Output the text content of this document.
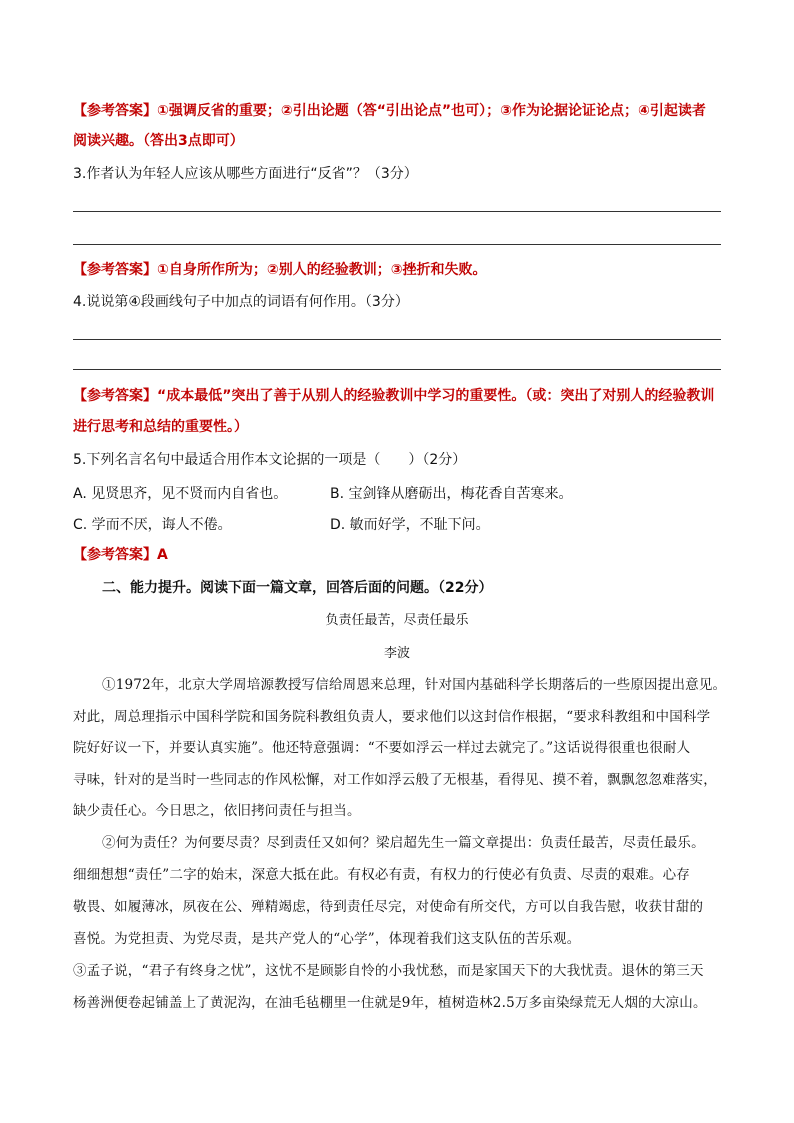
【参考答案】①强调反省的重要；②引出论题（答“引出论点”也可）；③作为论据论证论点；④引起读者
阅读兴趣。（答出3点即可）
3.作者认为年轻人应该从哪些方面进行“反省”？（3分）
【参考答案】①自身所作所为；②别人的经验教训；③挫折和失败。
4.说说第④段画线句子中加点的词语有何作用。（3分）
【参考答案】“成本最低”突出了善于从别人的经验教训中学习的重要性。（或：突出了对别人的经验教训
进行思考和总结的重要性。）
5.下列名言名句中最适合用作本文论据的一项是（　　）（2分）
A. 见贤思齐，见不贤而内自省也。	B. 宝剑锋从磨砺出，梅花香自苦寒来。
C. 学而不厌，诲人不倦。	D. 敏而好学，不耻下问。
【参考答案】A
二、能力提升。阅读下面一篇文章，回答后面的问题。（22分）
负责任最苦，尽责任最乐
李波
①1972年，北京大学周培源教授写信给周恩来总理，针对国内基础科学长期落后的一些原因提出意见。
对此，周总理指示中国科学院和国务院科教组负责人，要求他们以这封信作根据，“要求科教组和中国科学
院好好议一下，并要认真实施”。他还特意强调：“不要如浮云一样过去就完了。”这话说得很重也很耐人
寻味，针对的是当时一些同志的作风松懈，对工作如浮云般了无根基，看得见、摸不着，飘飘忽忽难落实，
缺少责任心。今日思之，依旧拷问责任与担当。
②何为责任？为何要尽责？尽到责任又如何？梁启超先生一篇文章提出：负责任最苦，尽责任最乐。
细细想想“责任”二字的始末，深意大抵在此。有权必有责，有权力的行使必有负责、尽责的艰难。心存
敬畏、如履薄冰，夙夜在公、殚精竭虑，待到责任尽完，对使命有所交代，方可以自我告慰，收获甘甜的
喜悦。为党担责、为党尽责，是共产党人的“心学”，体现着我们这支队伍的苦乐观。
③孟子说，“君子有终身之忧”，这忧不是顾影自怜的小我忧愁，而是家国天下的大我忧责。退休的第三天
杨善洲便卷起铺盖上了黄泥沟，在油毛毡棚里一住就是9年，植树造林2.5万多亩染绿荒无人烟的大凉山。
